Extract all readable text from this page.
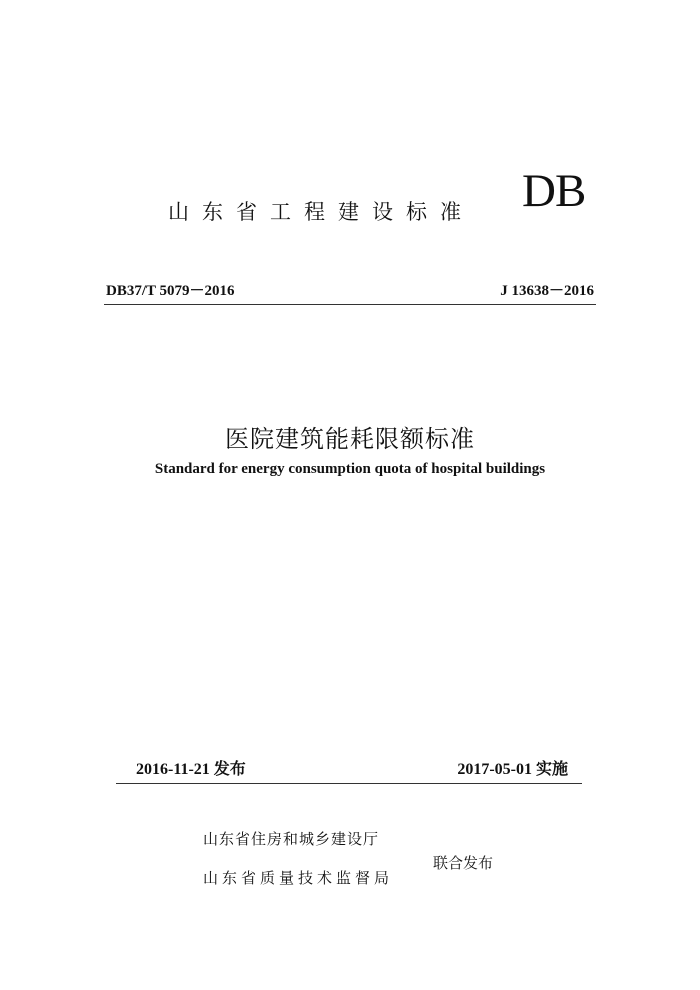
山东省工程建设标准 DB
DB37/T 5079－2016	J 13638－2016
医院建筑能耗限额标准
Standard for energy consumption quota of hospital buildings
2016-11-21 发布	2017-05-01 实施
山东省住房和城乡建设厅
山东省质量技术监督局
联合发布
